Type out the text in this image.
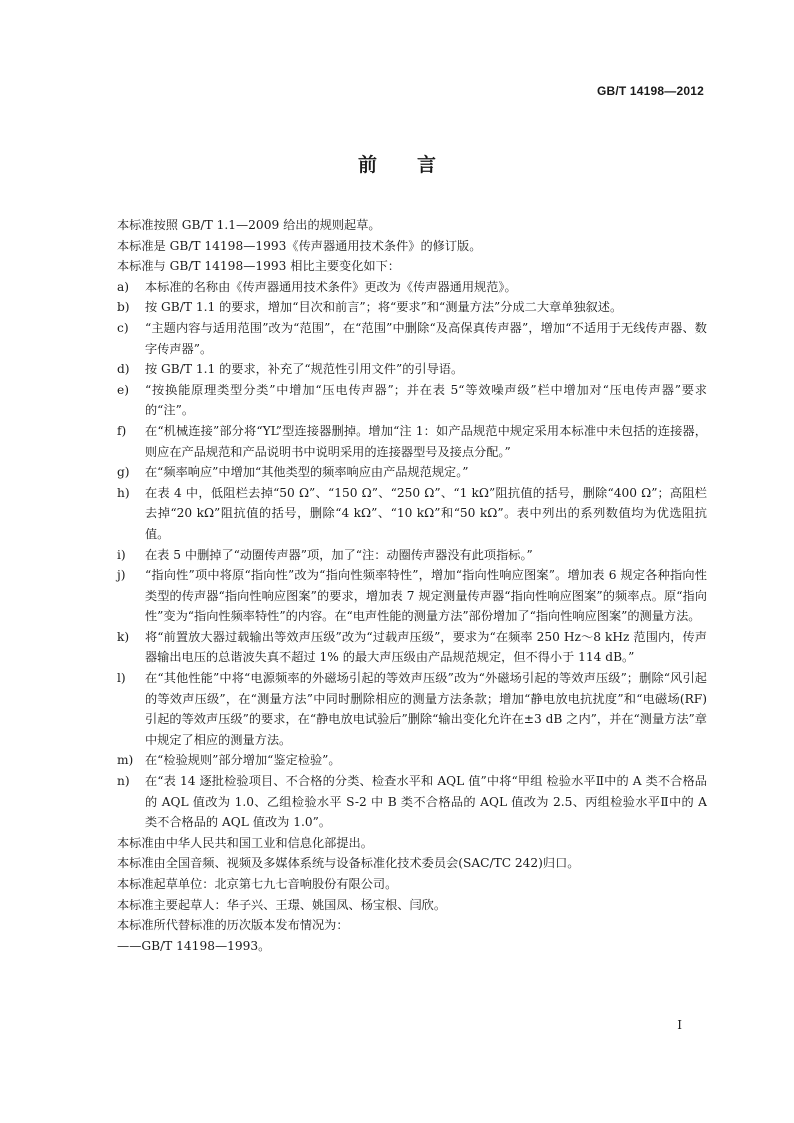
GB/T 14198—2012
前言

本标准按照 GB/T 1.1—2009 给出的规则起草。

本标准是 GB/T 14198—1993《传声器通用技术条件》的修订版。

本标准与 GB/T 14198—1993 相比主要变化如下：

a)	本标准的名称由《传声器通用技术条件》更改为《传声器通用规范》。
b)	按 GB/T 1.1 的要求，增加“目次和前言”；将“要求”和“测量方法”分成二大章单独叙述。
c)	“主题内容与适用范围”改为“范围”，在“范围”中删除“及高保真传声器”，增加“不适用于无线传声器、数字传声器”。
d)	按 GB/T 1.1 的要求，补充了“规范性引用文件”的引导语。
e)	“按换能原理类型分类”中增加“压电传声器”；并在表 5“等效噪声级”栏中增加对“压电传声器”要求的“注”。
f)	在“机械连接”部分将“YL”型连接器删掉。增加“注 1：如产品规范中规定采用本标准中未包括的连接器，则应在产品规范和产品说明书中说明采用的连接器型号及接点分配。”
g)	在“频率响应”中增加“其他类型的频率响应由产品规范规定。”
h)	在表 4 中，低阻栏去掉“50 Ω”、“150 Ω”、“250 Ω”、“1 kΩ”阻抗值的括号，删除“400 Ω”；高阻栏去掉“20 kΩ”阻抗值的括号，删除“4 kΩ”、“10 kΩ”和“50 kΩ”。表中列出的系列数值均为优选阻抗值。
i)	在表 5 中删掉了“动圈传声器”项，加了“注：动圈传声器没有此项指标。”
j)	“指向性”项中将原“指向性”改为“指向性频率特性”，增加“指向性响应图案”。增加表 6 规定各种指向性类型的传声器“指向性响应图案”的要求，增加表 7 规定测量传声器“指向性响应图案”的频率点。原“指向性”变为“指向性频率特性”的内容。在“电声性能的测量方法”部份增加了“指向性响应图案”的测量方法。
k)	将“前置放大器过载输出等效声压级”改为“过载声压级”，要求为“在频率 250 Hz～8 kHz 范围内，传声器输出电压的总谐波失真不超过 1% 的最大声压级由产品规范规定，但不得小于 114 dB。”
l)	在“其他性能”中将“电源频率的外磁场引起的等效声压级”改为“外磁场引起的等效声压级”；删除“风引起的等效声压级”，在“测量方法”中同时删除相应的测量方法条款；增加“静电放电抗扰度”和“电磁场(RF)引起的等效声压级”的要求，在“静电放电试验后”删除“输出变化允许在±3 dB 之内”，并在“测量方法”章中规定了相应的测量方法。
m) 在“检验规则”部分增加“鉴定检验”。
n)	在“表 14 逐批检验项目、不合格的分类、检查水平和 AQL 值”中将“甲组 检验水平Ⅱ中的 A 类不合格品的 AQL 值改为 1.0、乙组检验水平 S-2 中 B 类不合格品的 AQL 值改为 2.5、丙组检验水平Ⅱ中的 A 类不合格品的 AQL 值改为 1.0”。

本标准由中华人民共和国工业和信息化部提出。

本标准由全国音频、视频及多媒体系统与设备标准化技术委员会(SAC/TC 242)归口。

本标准起草单位：北京第七九七音响股份有限公司。

本标准主要起草人：华子兴、王璟、姚国凤、杨宝根、闫欣。

本标准所代替标准的历次版本发布情况为：

——GB/T 14198—1993。

Ⅰ
